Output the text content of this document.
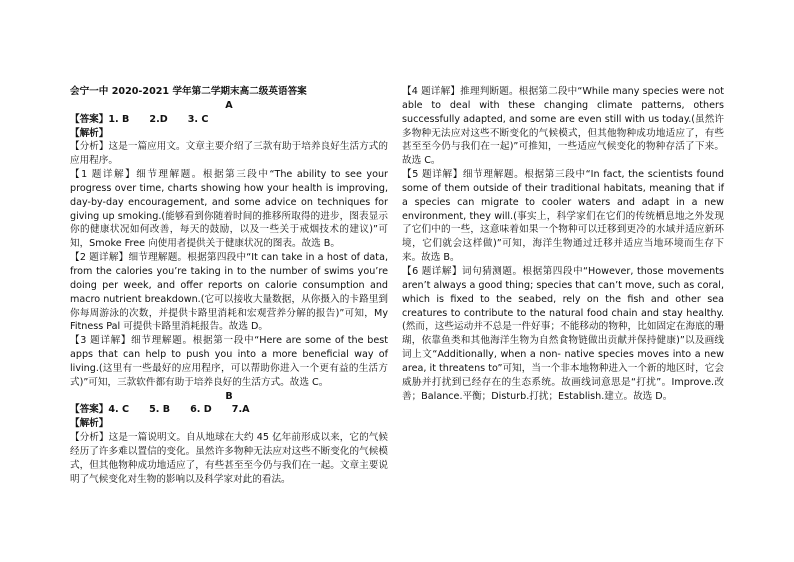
会宁一中 2020-2021 学年第二学期末高二级英语答案

A

【答案】1. B      2.D      3. C

【解析】

【分析】这是一篇应用文。文章主要介绍了三款有助于培养良好生活方式的应用程序。

【1 题详解】细节理解题。根据第三段中“The ability to see your progress over time, charts showing how your health is improving, day-by-day encouragement, and some advice on techniques for giving up smoking.(能够看到你随着时间的推移所取得的进步，图表显示你的健康状况如何改善，每天的鼓励，以及一些关于戒烟技术的建议)”可知，Smoke Free 向使用者提供关于健康状况的图表。故选 B。

【2 题详解】细节理解题。根据第四段中“It can take in a host of data, from the calories you’re taking in to the number of swims you’re doing per week, and offer reports on calorie consumption and macro nutrient breakdown.(它可以接收大量数据，从你摄入的卡路里到你每周游泳的次数，并提供卡路里消耗和宏观营养分解的报告)”可知，My Fitness Pal 可提供卡路里消耗报告。故选 D。

【3 题详解】细节理解题。根据第一段中“Here are some of the best apps that can help to push you into a more beneficial way of living.(这里有一些最好的应用程序，可以帮助你进入一个更有益的生活方式)”可知，三款软件都有助于培养良好的生活方式。故选 C。

B

【答案】4. C      5. B      6. D      7.A

【解析】

【分析】这是一篇说明文。自从地球在大约 45 亿年前形成以来，它的气候经历了许多难以置信的变化。虽然许多物种无法应对这些不断变化的气候模式，但其他物种成功地适应了，有些甚至至今仍与我们在一起。文章主要说明了气候变化对生物的影响以及科学家对此的看法。

【4 题详解】推理判断题。根据第二段中“While many species were not able to deal with these changing climate patterns, others successfully adapted, and some are even still with us today.(虽然许多物种无法应对这些不断变化的气候模式，但其他物种成功地适应了，有些甚至至今仍与我们在一起)”可推知，一些适应气候变化的物种存活了下来。故选 C。

【5 题详解】细节理解题。根据第三段中“In fact, the scientists found some of them outside of their traditional habitats, meaning that if a species can migrate to cooler waters and adapt in a new environment, they will.(事实上，科学家们在它们的传统栖息地之外发现了它们中的一些，这意味着如果一个物种可以迁移到更冷的水域并适应新环境，它们就会这样做)”可知，海洋生物通过迁移并适应当地环境而生存下来。故选 B。

【6 题详解】词句猜测题。根据第四段中“However, those movements aren’t always a good thing; species that can’t move, such as coral, which is fixed to the seabed, rely on the fish and other sea creatures to contribute to the natural food chain and stay healthy.(然而，这些运动并不总是一件好事；不能移动的物种，比如固定在海底的珊瑚，依靠鱼类和其他海洋生物为自然食物链做出贡献并保持健康)”以及画线词上文“Additionally, when a non- native species moves into a new area, it threatens to”可知，当一个非本地物种进入一个新的地区时，它会威胁并打扰到已经存在的生态系统。故画线词意思是“打扰”。Improve.改善；Balance.平衡；Disturb.打扰；Establish.建立。故选 D。
